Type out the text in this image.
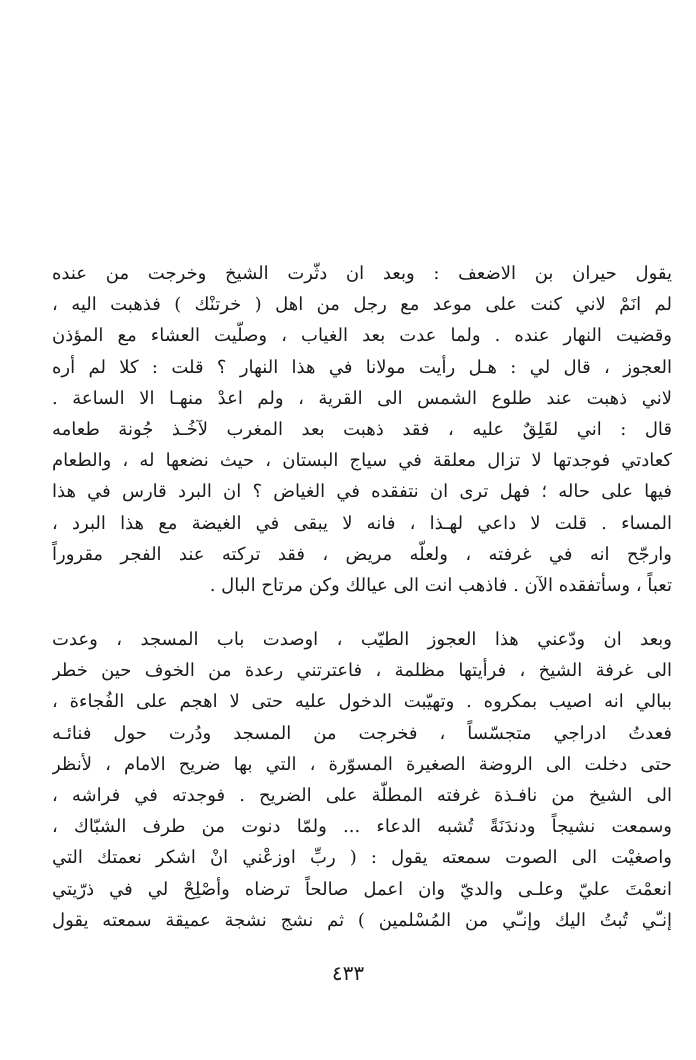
يقول حيران بن الاضعف : وبعد ان دثّرت الشيخ وخرجت من عنده
لم انَمْ لاني كنت على موعد مع رجل من اهل ( خرتنْك ) فذهبت اليه ،
وقضيت النهار عنده . ولما عدت بعد الغياب ، وصلّيت العشاء مع المؤذن
العجوز ، قال لي : هـل رأيت مولانا في هذا النهار ؟ قلت : كلا لم أره
لاني ذهبت عند طلوع الشمس الى القرية ، ولم اعدْ منهـا الا الساعة .
قال : اني لقَلِقٌ عليه ، فقد ذهبت بعد المغرب لآخُـذ جُونة طعامه
كعادتي فوجدتها لا تزال معلقة في سياج البستان ، حيث نضعها له ، والطعام
فيها على حاله ؛ فهل ترى ان نتفقده في الغياض ؟ ان البرد قارس في هذا
المساء . قلت لا داعي لهـذا ، فانه لا يبقى في الغيضة مع هذا البرد ،
وارجّح انه في غرفته ، ولعلّه مريض ، فقد تركته عند الفجر مقروراً
تعباً ، وسأتفقده الآن . فاذهب انت الى عيالك وكن مرتاح البال .
وبعد ان ودّعني هذا العجوز الطيّب ، اوصدت باب المسجد ، وعدت
الى غرفة الشيخ ، فرأيتها مظلمة ، فاعترتني رعدة من الخوف حين خطر
ببالي انه اصيب بمكروه . وتهيّبت الدخول عليه حتى لا اهجم على الفُجاءة ،
فعدتُ ادراجي متجسّساً ، فخرجت من المسجد ودُرت حول فنائـه
حتى دخلت الى الروضة الصغيرة المسوّرة ، التي بها ضريح الامام ، لأنظر
الى الشيخ من نافـذة غرفته المطلّة على الضريح . فوجدته في فراشه ،
وسمعت نشيجاً ودندَنَةً تُشبه الدعاء ... ولمّا دنوت من طرف الشبّاك ،
واصغيْت الى الصوت سمعته يقول : ( ربِّ اوزعْني انْ اشكر نعمتك التي
انعمْتَ عليّ وعلـى والديّ وان اعمل صالحاً ترضاه وأصْلِحْ لي في ذرّيتي
إنـّي تُبتُ اليك وإنـّي من المُسْلمين ) ثم نشج نشجة عميقة سمعته يقول
٤٣٣
